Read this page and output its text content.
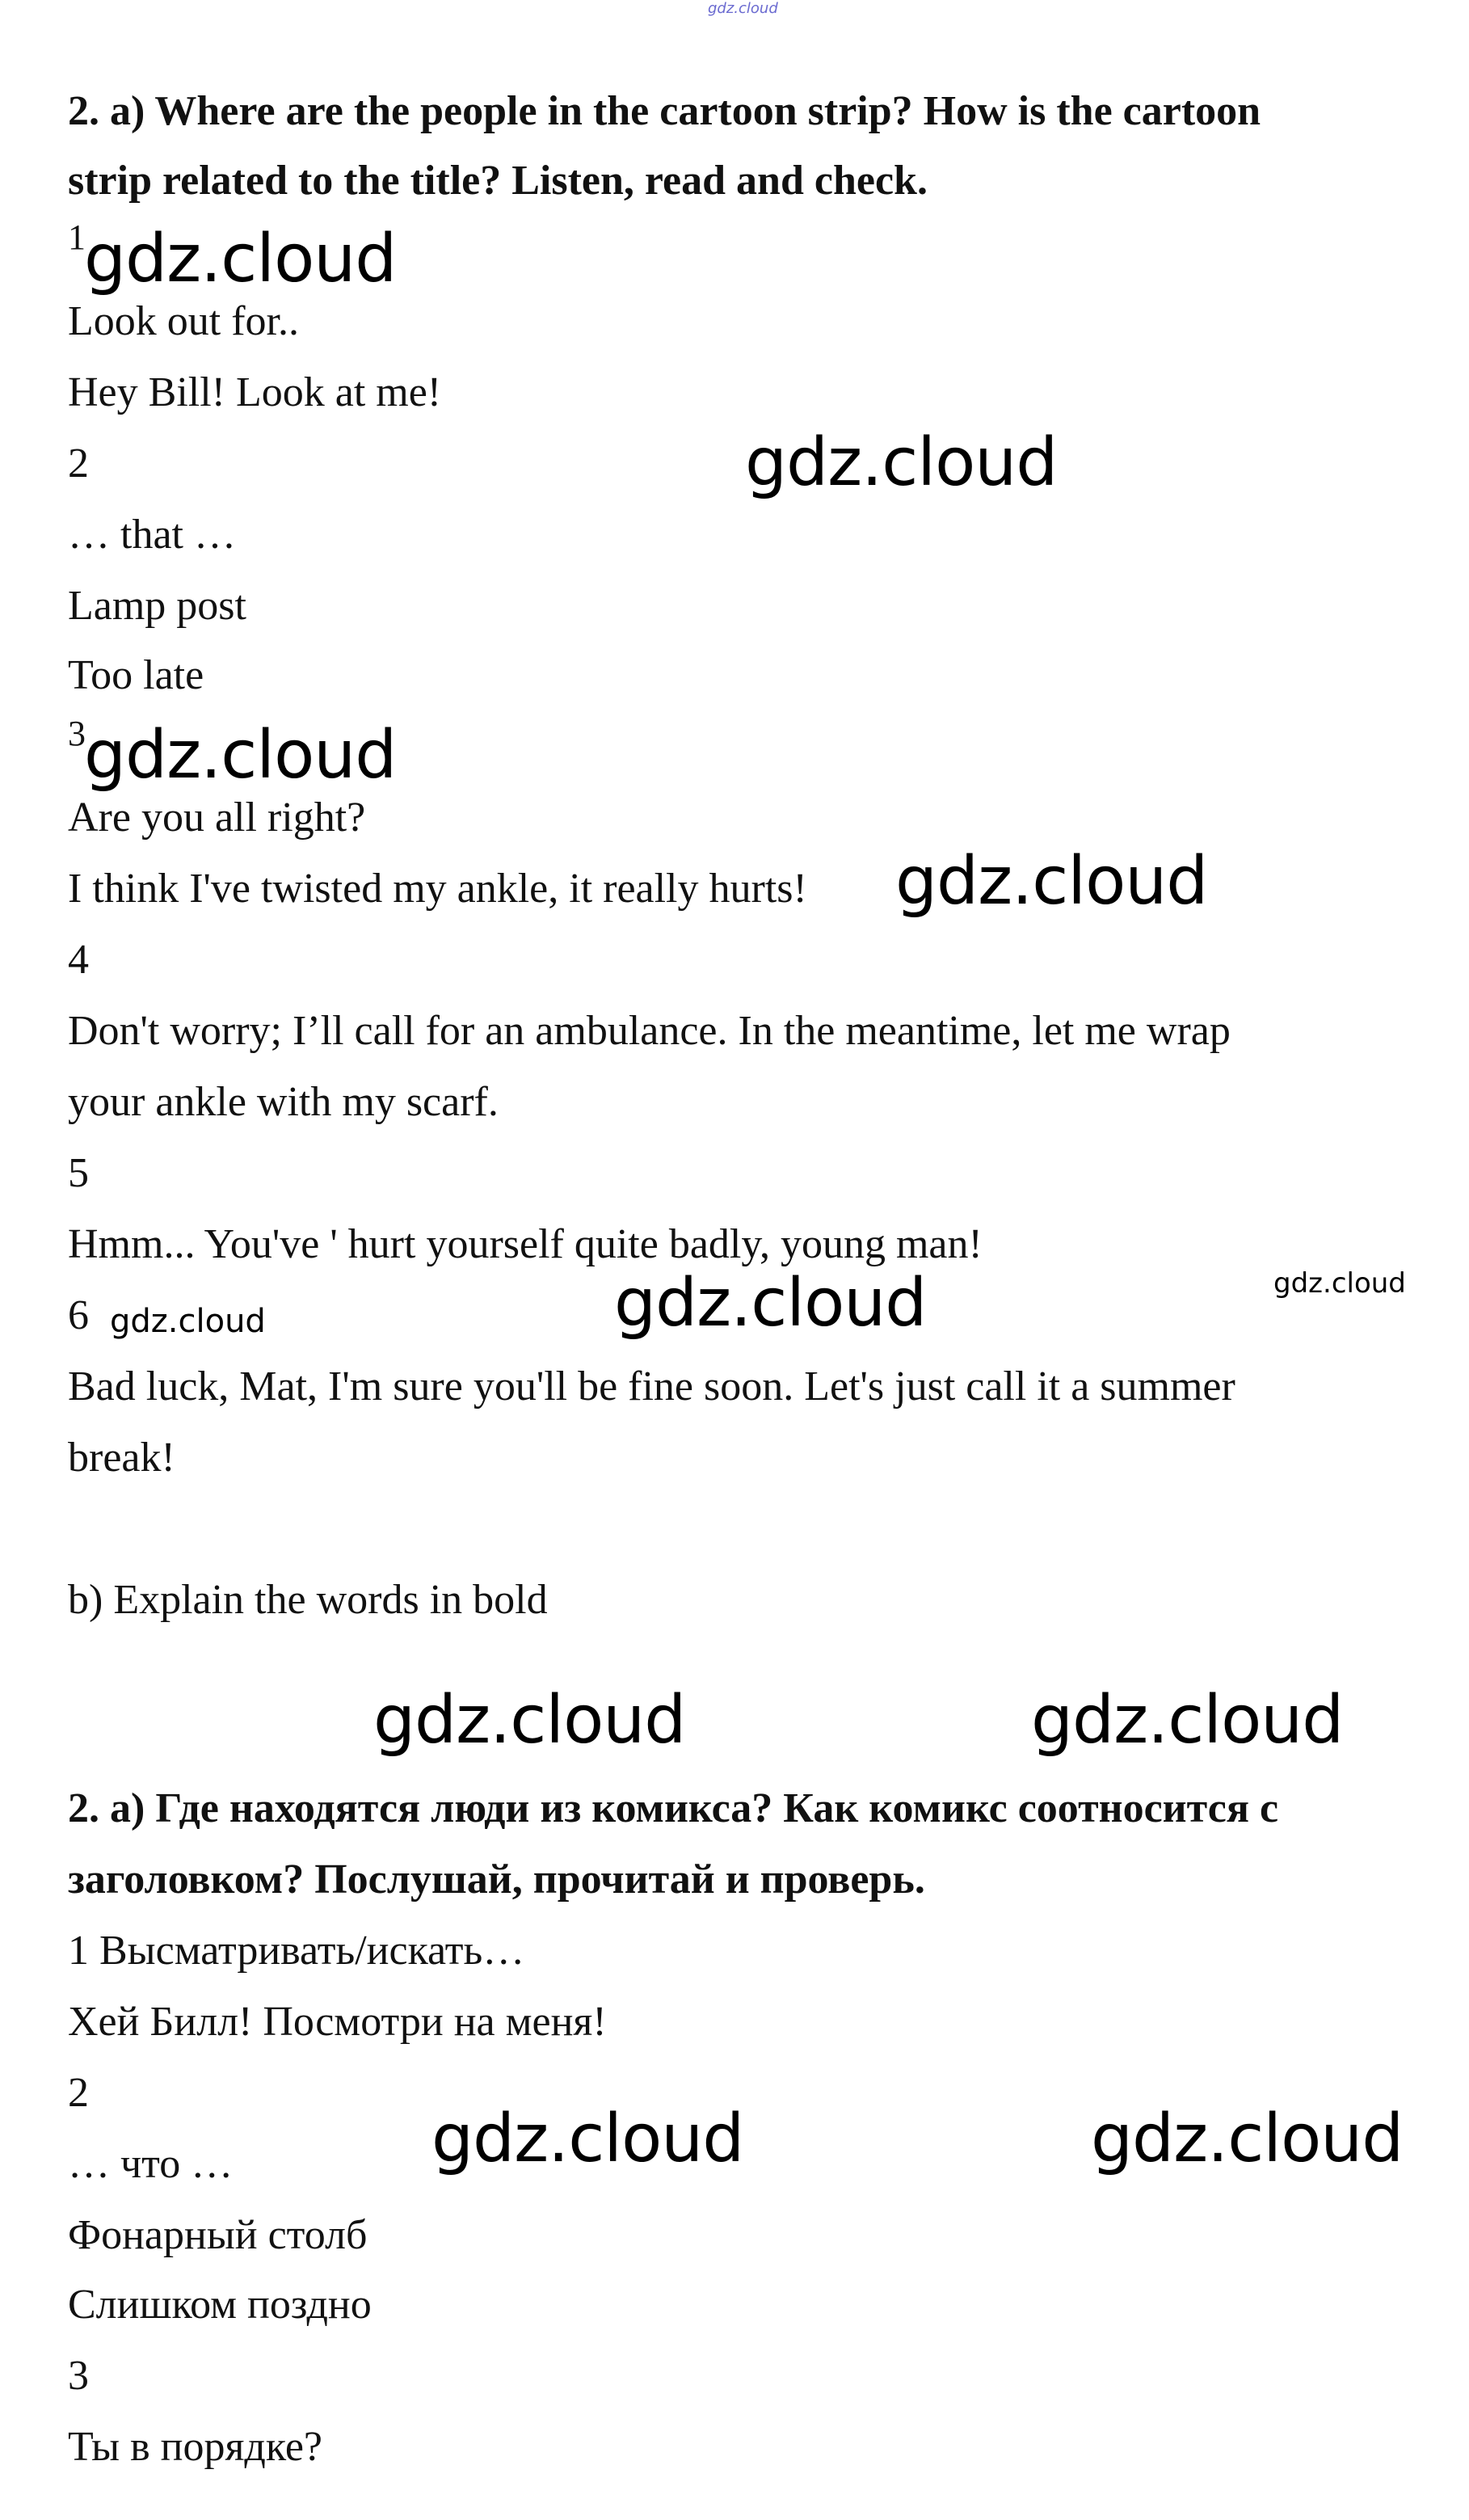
gdz.cloud
2. a) Where are the people in the cartoon strip? How is the cartoon
strip related to the title? Listen, read and check.
$^1$
gdz.cloud
Look out for..
Hey Bill! Look at me!
2	gdz.cloud
… that …
Lamp post
Too late
$^3$
gdz.cloud
Are you all right?
I think I've twisted my ankle, it really hurts! gdz.cloud
4
Don't worry; I’ll call for an ambulance. In the meantime, let me wrap
your ankle with my scarf.
5
Hmm... You've ' hurt yourself quite badly, young man!
gdz.cloud
6 gdz.cloud	gdz.cloud
Bad luck, Mat, I'm sure you'll be fine soon. Let's just call it a summer
break!
b) Explain the words in bold
gdz.cloud	gdz.cloud
2. а) Где находятся люди из комикса? Как комикс соотносится с
заголовком? Послушай, прочитай и проверь.
1 Высматривать/искать…
Хей Билл! Посмотри на меня!
2
… что …	gdz.cloud	gdz.cloud
Фонарный столб
Слишком поздно
3
Ты в порядке?
